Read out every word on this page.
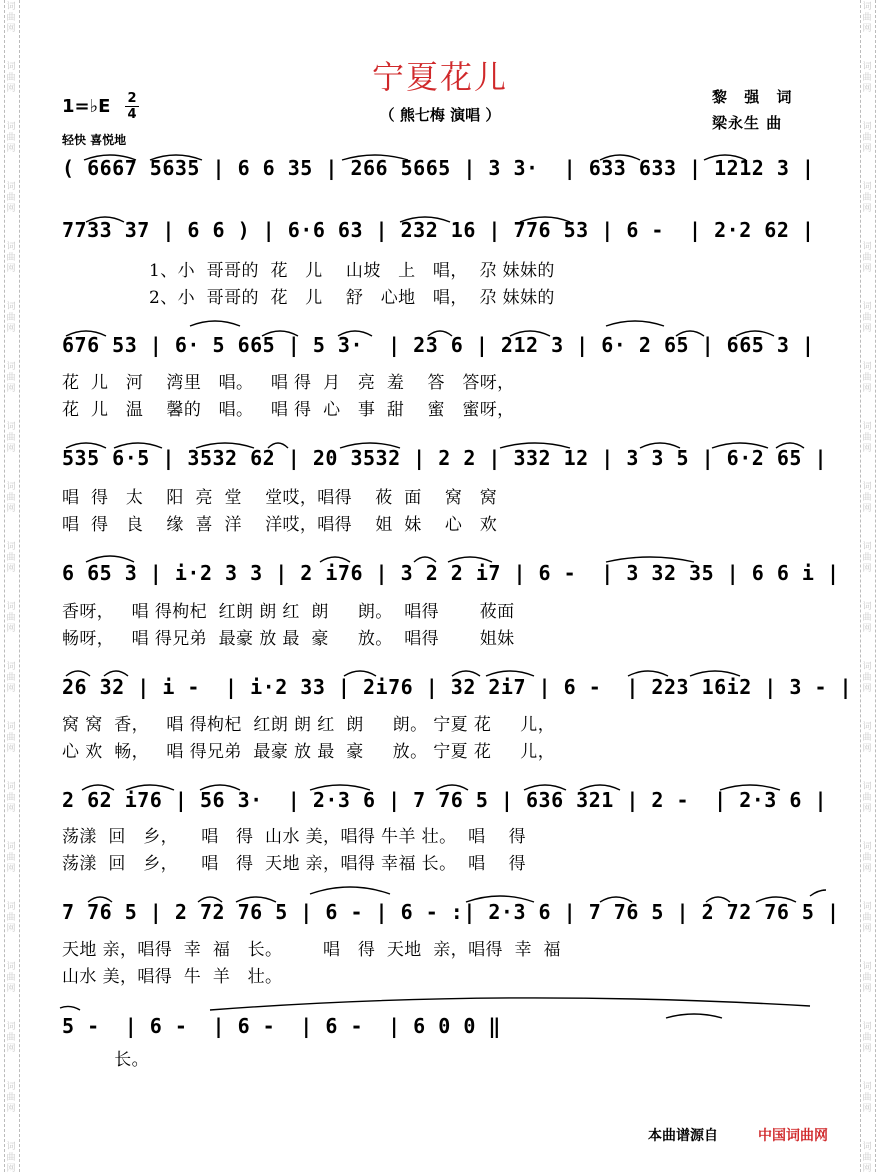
词
曲
网
词
曲
网
词
曲
网
词
曲
网
词
曲
网
词
曲
网
词
曲
网
词
曲
网
词
曲
网
词
曲
网
词
曲
网
词
曲
网
词
曲
网
词
曲
网
词
曲
网
词
曲
网
词
曲
网
词
曲
网
词
曲
网
词
曲
网
词
曲
网
词
曲
网
词
曲
网
词
曲
网
词
曲
网
词
曲
网
词
曲
网
词
曲
网
词
曲
网
词
曲
网
词
曲
网
词
曲
网
词
曲
网
词
曲
网
词
曲
网
词
曲
网
词
曲
网
词
曲
网
词
曲
网
词
曲
网
宁夏花儿
（ 熊七梅 演唱 ）
黎 强 词
梁永生 曲
1=♭E 2
4
轻快 喜悦地
( 6667 5635 | 6 6 35 | 266 5665 | 3 3·  | 633 633 | 1212 3 |
7733 37 | 6 6 ) | 6·6 63 | 232 16 | 776 53 | 6 -  | 2·2 62 |
1、小  哥哥的  花   儿    山坡   上   唱，  尕 妹妹的
2、小  哥哥的  花   儿    舒   心地   唱，  尕 妹妹的
676 53 | 6· 5 665 | 5 3·  | 23 6 | 212 3 | 6· 2 65 | 665 3 |
花  儿   河    湾里   唱。   唱 得  月   亮  羞    答   答呀，
花  儿   温    馨的   唱。   唱 得  心   事  甜    蜜   蜜呀，
535 6·5 | 3532 62 | 20 3532 | 2 2 | 332 12 | 3 3 5 | 6·2 65 |
唱  得   太    阳  亮  堂    堂哎，唱得    莜  面    窝   窝
唱  得   良    缘  喜  洋    洋哎，唱得    姐  妹    心   欢
6 65 3 | i·2 3 3 | 2 i76 | 3 2 2 i7 | 6 -  | 3 32 35 | 6 6 i |
香呀，   唱 得枸杞  红朗 朗 红  朗     朗。  唱得       莜面
畅呀，   唱 得兄弟  最豪 放 最  豪     放。  唱得       姐妹
26 32 | i -  | i·2 33 | 2i76 | 32 2i7 | 6 -  | 223 16i2 | 3 - |
窝 窝  香，   唱 得枸杞  红朗 朗 红  朗     朗。 宁夏 花     儿，
心 欢  畅，   唱 得兄弟  最豪 放 最  豪     放。 宁夏 花     儿，
2 62 i76 | 56 3·  | 2·3 6 | 7 76 5 | 636 321 | 2 -  | 2·3 6 |
荡漾  回   乡，    唱   得  山水 美，唱得 牛羊 壮。  唱    得
荡漾  回   乡，    唱   得  天地 亲，唱得 幸福 长。  唱    得
7 76 5 | 2 72 76 5 | 6 - | 6 - :| 2·3 6 | 7 76 5 | 2 72 76 5 |
天地 亲，唱得  幸  福   长。       唱   得  天地  亲，唱得  幸  福
山水 美，唱得  牛  羊   壮。
5 -  | 6 -  | 6 -  | 6 -  | 6 0 0 ‖
长。
本曲谱源自	中国词曲网
